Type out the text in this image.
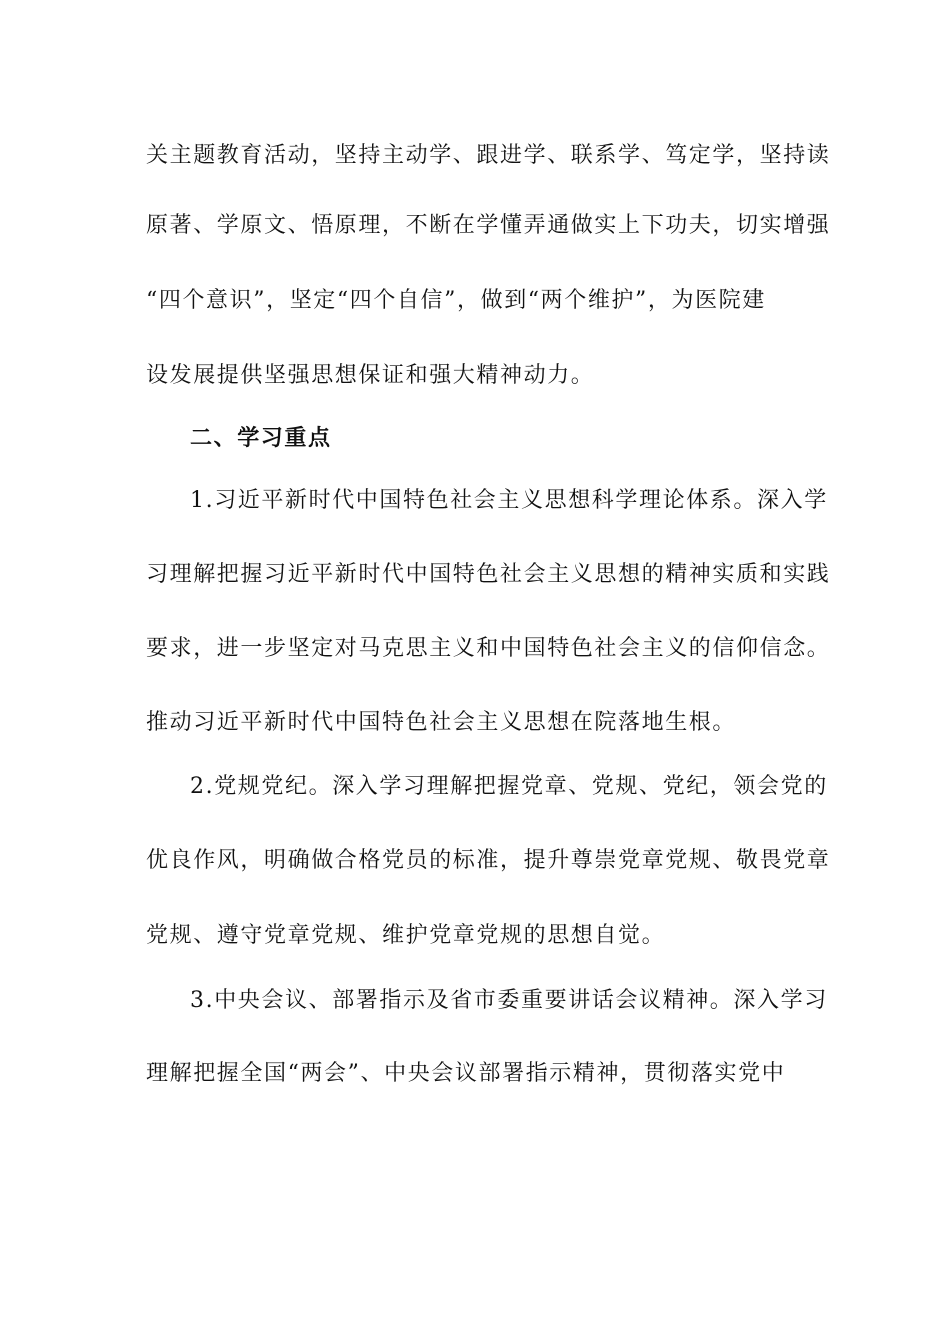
关主题教育活动，坚持主动学、跟进学、联系学、笃定学，坚持读
原著、学原文、悟原理，不断在学懂弄通做实上下功夫，切实增强
“四个意识”，坚定“四个自信”，做到“两个维护”，为医院建
设发展提供坚强思想保证和强大精神动力。
二、学习重点
1.习近平新时代中国特色社会主义思想科学理论体系。深入学
习理解把握习近平新时代中国特色社会主义思想的精神实质和实践
要求，进一步坚定对马克思主义和中国特色社会主义的信仰信念。
推动习近平新时代中国特色社会主义思想在院落地生根。
2.党规党纪。深入学习理解把握党章、党规、党纪，领会党的
优良作风，明确做合格党员的标准，提升尊崇党章党规、敬畏党章
党规、遵守党章党规、维护党章党规的思想自觉。
3.中央会议、部署指示及省市委重要讲话会议精神。深入学习
理解把握全国“两会”、中央会议部署指示精神，贯彻落实党中
